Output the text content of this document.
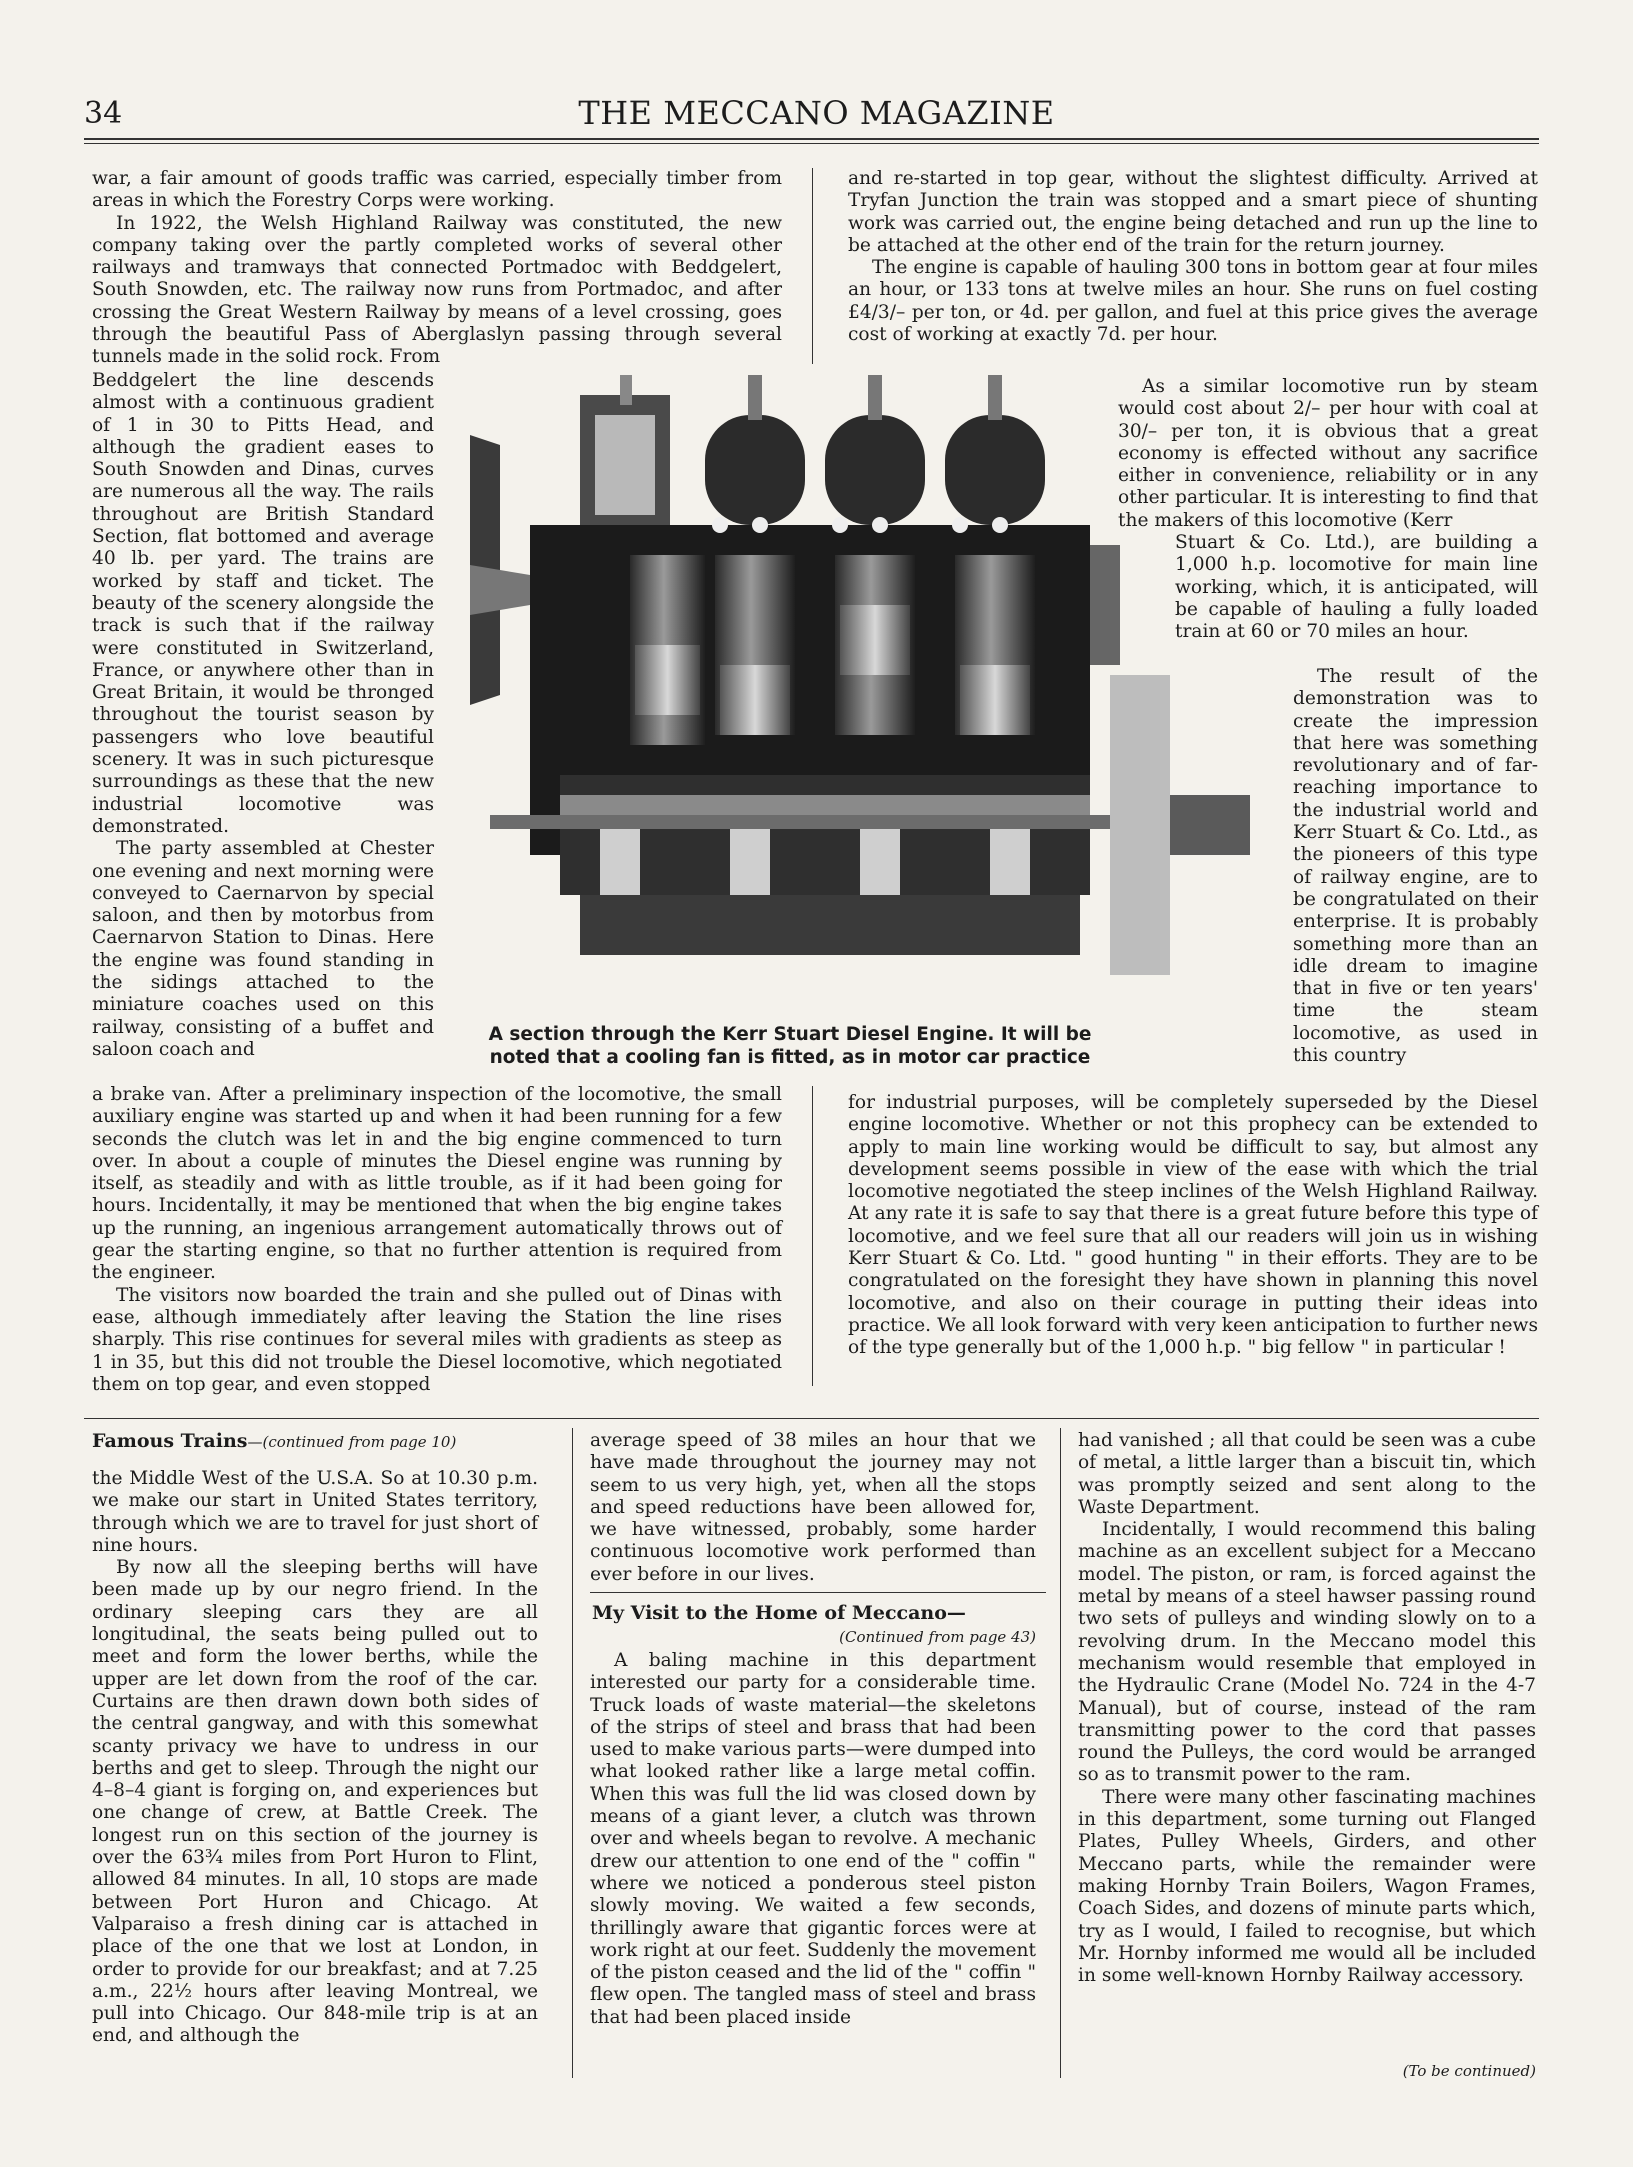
34	THE MECCANO MAGAZINE

war, a fair amount of goods traffic was carried, especially timber from areas in which the Forestry Corps were working.

In 1922, the Welsh Highland Railway was constituted, the new company taking over the partly completed works of several other railways and tramways that connected Portmadoc with Beddgelert, South Snowden, etc. The railway now runs from Portmadoc, and after crossing the Great Western Railway by means of a level crossing, goes through the beautiful Pass of Aberglaslyn passing through several tunnels made in the solid rock. From

Beddgelert the line descends almost with a continuous gradient of 1 in 30 to Pitts Head, and although the gradient eases to South Snowden and Dinas, curves are numerous all the way. The rails throughout are British Standard Section, flat bottomed and average 40 lb. per yard. The trains are worked by staff and ticket. The beauty of the scenery alongside the track is such that if the railway were constituted in Switzerland, France, or anywhere other than in Great Britain, it would be thronged throughout the tourist season by passengers who love beautiful scenery. It was in such picturesque surroundings as these that the new industrial locomotive was demonstrated.

The party assembled at Chester one evening and next morning were conveyed to Caernarvon by special saloon, and then by motorbus from Caernarvon Station to Dinas. Here the engine was found standing in the sidings attached to the miniature coaches used on this railway, consisting of a buffet and saloon coach and

a brake van. After a preliminary inspection of the locomotive, the small auxiliary engine was started up and when it had been running for a few seconds the clutch was let in and the big engine commenced to turn over. In about a couple of minutes the Diesel engine was running by itself, as steadily and with as little trouble, as if it had been going for hours. Incidentally, it may be mentioned that when the big engine takes up the running, an ingenious arrangement automatically throws out of gear the starting engine, so that no further attention is required from the engineer.

The visitors now boarded the train and she pulled out of Dinas with ease, although immediately after leaving the Station the line rises sharply. This rise continues for several miles with gradients as steep as 1 in 35, but this did not trouble the Diesel locomotive, which negotiated them on top gear, and even stopped

and re-started in top gear, without the slightest difficulty. Arrived at Tryfan Junction the train was stopped and a smart piece of shunting work was carried out, the engine being detached and run up the line to be attached at the other end of the train for the return journey.

The engine is capable of hauling 300 tons in bottom gear at four miles an hour, or 133 tons at twelve miles an hour. She runs on fuel costing £4/3/– per ton, or 4d. per gallon, and fuel at this price gives the average cost of working at exactly 7d. per hour.

As a similar locomotive run by steam would cost about 2/– per hour with coal at 30/– per ton, it is obvious that a great economy is effected without any sacrifice either in convenience, reliability or in any other particular. It is interesting to find that the makers of this locomotive (Kerr

Stuart & Co. Ltd.), are building a 1,000 h.p. locomotive for main line working, which, it is anticipated, will be capable of hauling a fully loaded train at 60 or 70 miles an hour.

The result of the demonstration was to create the impression that here was something revolutionary and of far-reaching importance to the industrial world and Kerr Stuart & Co. Ltd., as the pioneers of this type of railway engine, are to be congratulated on their enterprise. It is probably something more than an idle dream to imagine that in five or ten years' time the steam locomotive, as used in this country

for industrial purposes, will be completely superseded by the Diesel engine locomotive. Whether or not this prophecy can be extended to apply to main line working would be difficult to say, but almost any development seems possible in view of the ease with which the trial locomotive negotiated the steep inclines of the Welsh Highland Railway. At any rate it is safe to say that there is a great future before this type of locomotive, and we feel sure that all our readers will join us in wishing Kerr Stuart & Co. Ltd. " good hunting " in their efforts. They are to be congratulated on the foresight they have shown in planning this novel locomotive, and also on their courage in putting their ideas into practice. We all look forward with very keen anticipation to further news of the type generally but of the 1,000 h.p. " big fellow " in particular !

A section through the Kerr Stuart Diesel Engine. It will be
noted that a cooling fan is fitted, as in motor car practice
Famous Trains—(continued from page 10)

the Middle West of the U.S.A. So at 10.30 p.m. we make our start in United States territory, through which we are to travel for just short of nine hours.

By now all the sleeping berths will have been made up by our negro friend. In the ordinary sleeping cars they are all longitudinal, the seats being pulled out to meet and form the lower berths, while the upper are let down from the roof of the car. Curtains are then drawn down both sides of the central gangway, and with this somewhat scanty privacy we have to undress in our berths and get to sleep. Through the night our 4–8–4 giant is forging on, and experiences but one change of crew, at Battle Creek. The longest run on this section of the journey is over the 63¾ miles from Port Huron to Flint, allowed 84 minutes. In all, 10 stops are made between Port Huron and Chicago. At Valparaiso a fresh dining car is attached in place of the one that we lost at London, in order to provide for our breakfast; and at 7.25 a.m., 22½ hours after leaving Montreal, we pull into Chicago. Our 848-mile trip is at an end, and although the

average speed of 38 miles an hour that we have made throughout the journey may not seem to us very high, yet, when all the stops and speed reductions have been allowed for, we have witnessed, probably, some harder continuous locomotive work performed than ever before in our lives.

My Visit to the Home of Meccano—
(Continued from page 43)

A baling machine in this department interested our party for a considerable time. Truck loads of waste material—the skeletons of the strips of steel and brass that had been used to make various parts—were dumped into what looked rather like a large metal coffin. When this was full the lid was closed down by means of a giant lever, a clutch was thrown over and wheels began to revolve. A mechanic drew our attention to one end of the " coffin " where we noticed a ponderous steel piston slowly moving. We waited a few seconds, thrillingly aware that gigantic forces were at work right at our feet. Suddenly the movement of the piston ceased and the lid of the " coffin " flew open. The tangled mass of steel and brass that had been placed inside

had vanished ; all that could be seen was a cube of metal, a little larger than a biscuit tin, which was promptly seized and sent along to the Waste Department.

Incidentally, I would recommend this baling machine as an excellent subject for a Meccano model. The piston, or ram, is forced against the metal by means of a steel hawser passing round two sets of pulleys and winding slowly on to a revolving drum. In the Meccano model this mechanism would resemble that employed in the Hydraulic Crane (Model No. 724 in the 4-7 Manual), but of course, instead of the ram transmitting power to the cord that passes round the Pulleys, the cord would be arranged so as to transmit power to the ram.

There were many other fascinating machines in this department, some turning out Flanged Plates, Pulley Wheels, Girders, and other Meccano parts, while the remainder were making Hornby Train Boilers, Wagon Frames, Coach Sides, and dozens of minute parts which, try as I would, I failed to recognise, but which Mr. Hornby informed me would all be included in some well-known Hornby Railway accessory.

(To be continued)
